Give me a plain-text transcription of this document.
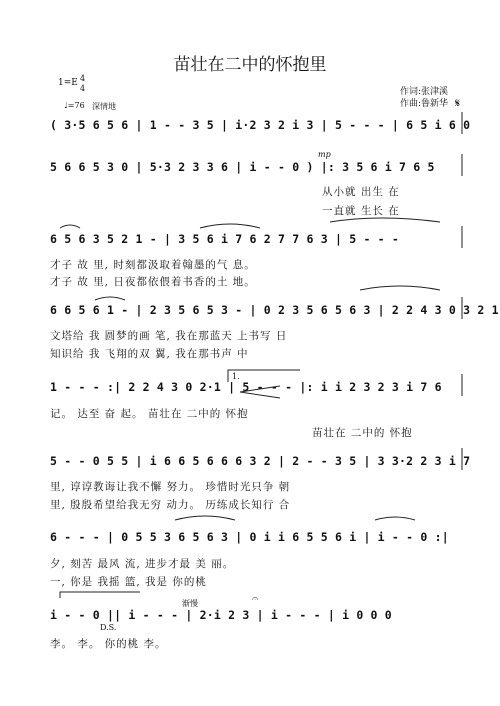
苗壮在二中的怀抱里
作词:张津溪
作曲:鲁新华
1=E 4
4
♩=76 深情地	𝄋
( 3·5 6 5 6 | 1 - - 3 5 | i·2 3 2 i 3 | 5 - - - | 6 5 i 6 0
mp
5 6 6 5 3 0 | 5·3 2 3 3 6 | i - - 0 ) |: 3 5 6 i 7 6 5
从小就 出生 在
一直就 生长 在
6 5 6 3 5 2 1 - | 3 5 6 i 7 6 2 7 7 6 3 | 5 - - -
才子 故 里, 时刻都汲取着翰墨的气 息。
才子 故 里, 日夜都依偎着书香的土 地。
6 6 5 6 1 - | 2 3 5 6 5 3 - | 0 2 3 5 6 5 6 3 | 2 2 4 3 0 3 2 1
文塔给 我 圆梦的画 笔, 我在那蓝天 上书写 日
知识给 我 飞翔的双 翼, 我在那书声 中
1.
1 - - - :| 2 2 4 3 0 2·1 | 5 - - - |: i i 2 3 2 3 i 7 6
记。 达至 奋 起。 苗壮在 二中的 怀抱
苗壮在 二中的 怀抱
5 - - 0 5 5 | i 6 6 5 6 6 6 3 2 | 2 - - 3 5 | 3 3·2 2 3 i 7
里, 谆谆教诲让我不懈 努力。 珍惜时光只争 朝
里, 殷殷希望给我无穷 动力。 历练成长知行 合
6 - - - | 0 5 5 3 6 5 6 3 | 0 i i 6 5 5 6 i | i - - 0 :|
夕, 刻苦 最风 流, 进步才最 美 丽。
一, 你是 我摇 篮, 我是 你的桃
渐慢	𝄐
i - - 0 || i - - - | 2·i 2 3 | i - - - | i 0 0 0
D.S.
李。 李。 你的桃 李。
